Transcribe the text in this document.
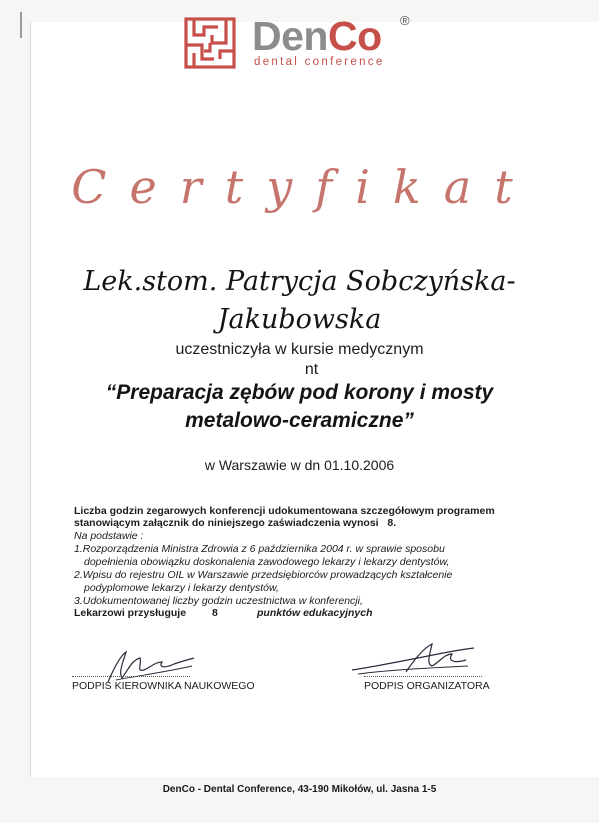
DenCo ®
dental conference
Certyfikat
Lek.stom. Patrycja Sobczyńska-
Jakubowska
uczestniczyła w kursie medycznym
nt
“Preparacja zębów pod korony i mosty
metalowo-ceramiczne”
w Warszawie w dn 01.10.2006
Liczba godzin zegarowych konferencji udokumentowana szczegółowym programem
stanowiącym załącznik do niniejszego zaświadczenia wynosi 8.
Na podstawie :
1.Rozporządzenia Ministra Zdrowia z 6 października 2004 r. w sprawie sposobu
dopełnienia obowiązku doskonalenia zawodowego lekarzy i lekarzy dentystów,
2.Wpisu do rejestru OIL w Warszawie przedsiębiorców prowadzących kształcenie
podyplomowe lekarzy i lekarzy dentystów,
3.Udokumentowanej liczby godzin uczestnictwa w konferencji,
Lekarzowi przysługuje 8	punktów edukacyjnych
PODPIS KIEROWNIKA NAUKOWEGO	PODPIS ORGANIZATORA
DenCo - Dental Conference, 43-190 Mikołów, ul. Jasna 1-5
